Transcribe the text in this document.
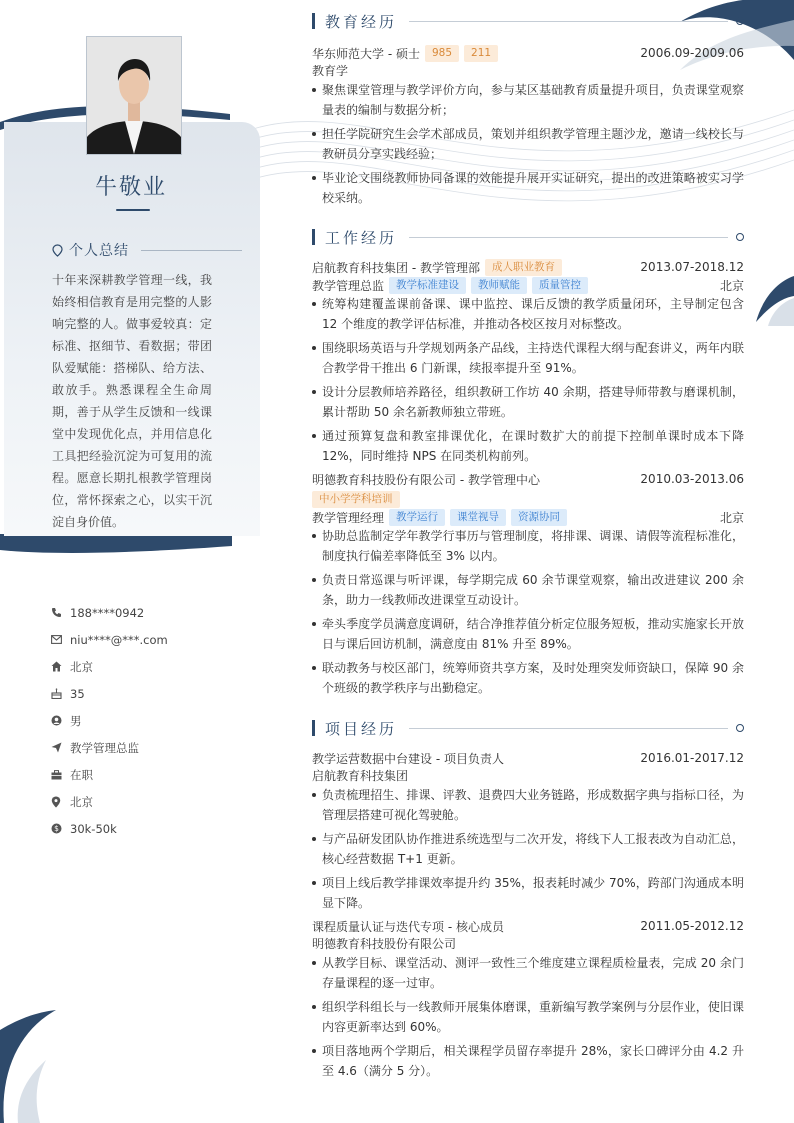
牛敬业
个人总结
十年来深耕教学管理一线，我始终相信教育是用完整的人影响完整的人。做事爱较真：定标准、抠细节、看数据；带团队爱赋能：搭梯队、给方法、敢放手。熟悉课程全生命周期，善于从学生反馈和一线课堂中发现优化点，并用信息化工具把经验沉淀为可复用的流程。愿意长期扎根教学管理岗位，常怀探索之心，以实干沉淀自身价值。
188****0942
niu****@***.com
北京
35
男
教学管理总监
在职
北京
$ 30k-50k
教育经历
华东师范大学 - 硕士	985	211	2006.09-2009.06
教育学
聚焦课堂管理与教学评价方向，参与某区基础教育质量提升项目，负责课堂观察量表的编制与数据分析；
担任学院研究生会学术部成员，策划并组织教学管理主题沙龙，邀请一线校长与教研员分享实践经验；
毕业论文围绕教师协同备课的效能提升展开实证研究，提出的改进策略被实习学校采纳。
工作经历
启航教育科技集团 - 教学管理部	成人职业教育	2013.07-2018.12
教学管理总监	教学标准建设	教师赋能	质量管控	北京
统筹构建覆盖课前备课、课中监控、课后反馈的教学质量闭环，主导制定包含 12 个维度的教学评估标准，并推动各校区按月对标整改。
围绕职场英语与升学规划两条产品线，主持迭代课程大纲与配套讲义，两年内联合教学骨干推出 6 门新课，续报率提升至 91%。
设计分层教师培养路径，组织教研工作坊 40 余期，搭建导师带教与磨课机制，累计帮助 50 余名新教师独立带班。
通过预算复盘和教室排课优化，在课时数扩大的前提下控制单课时成本下降 12%，同时维持 NPS 在同类机构前列。
明德教育科技股份有限公司 - 教学管理中心	2010.03-2013.06
中小学学科培训
教学管理经理	教学运行	课堂视导	资源协同	北京
协助总监制定学年教学行事历与管理制度，将排课、调课、请假等流程标准化，制度执行偏差率降低至 3% 以内。
负责日常巡课与听评课，每学期完成 60 余节课堂观察，输出改进建议 200 余条，助力一线教师改进课堂互动设计。
牵头季度学员满意度调研，结合净推荐值分析定位服务短板，推动实施家长开放日与课后回访机制，满意度由 81% 升至 89%。
联动教务与校区部门，统筹师资共享方案，及时处理突发师资缺口，保障 90 余个班级的教学秩序与出勤稳定。
项目经历
教学运营数据中台建设 - 项目负责人	2016.01-2017.12
启航教育科技集团
负责梳理招生、排课、评教、退费四大业务链路，形成数据字典与指标口径，为管理层搭建可视化驾驶舱。
与产品研发团队协作推进系统选型与二次开发，将线下人工报表改为自动汇总，核心经营数据 T+1 更新。
项目上线后教学排课效率提升约 35%，报表耗时减少 70%，跨部门沟通成本明显下降。
课程质量认证与迭代专项 - 核心成员	2011.05-2012.12
明德教育科技股份有限公司
从教学目标、课堂活动、测评一致性三个维度建立课程质检量表，完成 20 余门存量课程的逐一过审。
组织学科组长与一线教师开展集体磨课，重新编写教学案例与分层作业，使旧课内容更新率达到 60%。
项目落地两个学期后，相关课程学员留存率提升 28%，家长口碑评分由 4.2 升至 4.6（满分 5 分）。
